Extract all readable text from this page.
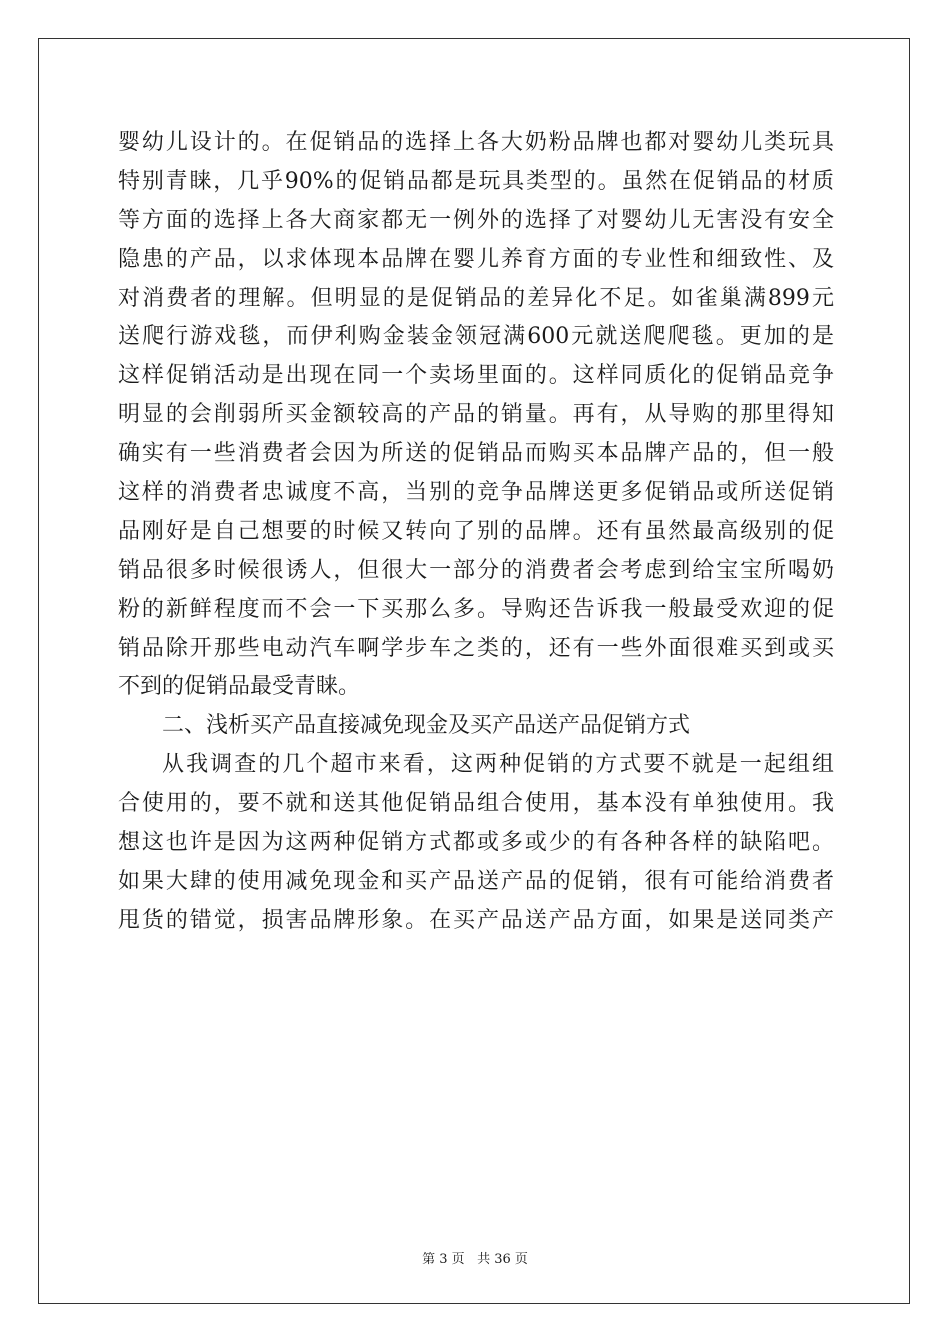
婴幼儿设计的。在促销品的选择上各大奶粉品牌也都对婴幼儿类玩具
特别青睐，几乎90%的促销品都是玩具类型的。虽然在促销品的材质
等方面的选择上各大商家都无一例外的选择了对婴幼儿无害没有安全
隐患的产品，以求体现本品牌在婴儿养育方面的专业性和细致性、及
对消费者的理解。但明显的是促销品的差异化不足。如雀巢满899元
送爬行游戏毯，而伊利购金装金领冠满600元就送爬爬毯。更加的是
这样促销活动是出现在同一个卖场里面的。这样同质化的促销品竞争
明显的会削弱所买金额较高的产品的销量。再有，从导购的那里得知
确实有一些消费者会因为所送的促销品而购买本品牌产品的，但一般
这样的消费者忠诚度不高，当别的竞争品牌送更多促销品或所送促销
品刚好是自己想要的时候又转向了别的品牌。还有虽然最高级别的促
销品很多时候很诱人，但很大一部分的消费者会考虑到给宝宝所喝奶
粉的新鲜程度而不会一下买那么多。导购还告诉我一般最受欢迎的促
销品除开那些电动汽车啊学步车之类的，还有一些外面很难买到或买
不到的促销品最受青睐。
二、浅析买产品直接减免现金及买产品送产品促销方式
从我调查的几个超市来看，这两种促销的方式要不就是一起组组
合使用的，要不就和送其他促销品组合使用，基本没有单独使用。我
想这也许是因为这两种促销方式都或多或少的有各种各样的缺陷吧。
如果大肆的使用减免现金和买产品送产品的促销，很有可能给消费者
甩货的错觉，损害品牌形象。在买产品送产品方面，如果是送同类产
第 3 页 共 36 页
